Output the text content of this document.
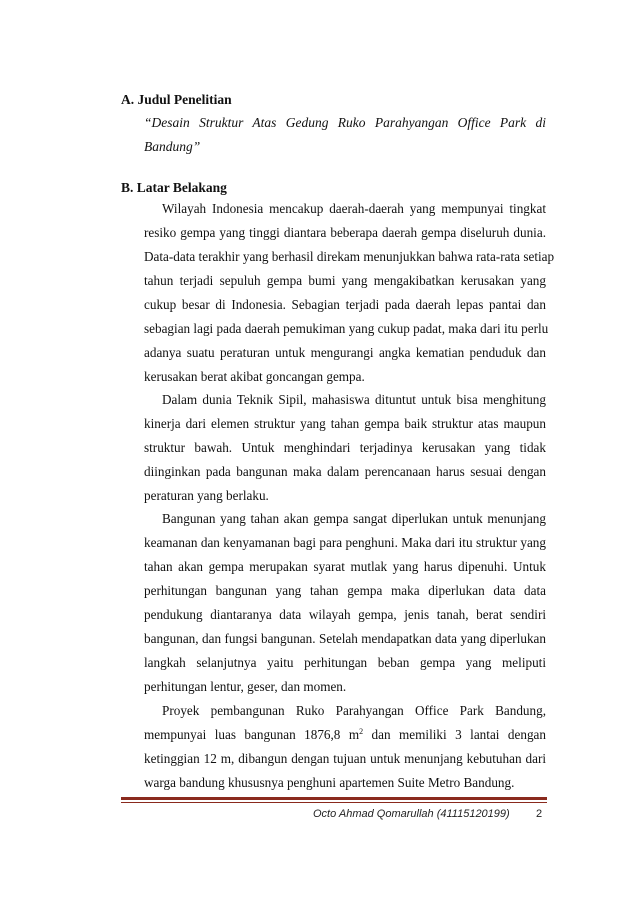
A. Judul Penelitian
“Desain Struktur Atas Gedung Ruko Parahyangan Office Park di
Bandung”
B. Latar Belakang
Wilayah Indonesia mencakup daerah-daerah yang mempunyai tingkat
resiko gempa yang tinggi diantara beberapa daerah gempa diseluruh dunia.
Data-data terakhir yang berhasil direkam menunjukkan bahwa rata-rata setiap
tahun terjadi sepuluh gempa bumi yang mengakibatkan kerusakan yang
cukup besar di Indonesia. Sebagian terjadi pada daerah lepas pantai dan
sebagian lagi pada daerah pemukiman yang cukup padat, maka dari itu perlu
adanya suatu peraturan untuk mengurangi angka kematian penduduk dan
kerusakan berat akibat goncangan gempa.
Dalam dunia Teknik Sipil, mahasiswa dituntut untuk bisa menghitung
kinerja dari elemen struktur yang tahan gempa baik struktur atas maupun
struktur bawah. Untuk menghindari terjadinya kerusakan yang tidak
diinginkan pada bangunan maka dalam perencanaan harus sesuai dengan
peraturan yang berlaku.
Bangunan yang tahan akan gempa sangat diperlukan untuk menunjang
keamanan dan kenyamanan bagi para penghuni. Maka dari itu struktur yang
tahan akan gempa merupakan syarat mutlak yang harus dipenuhi. Untuk
perhitungan bangunan yang tahan gempa maka diperlukan data data
pendukung diantaranya data wilayah gempa, jenis tanah, berat sendiri
bangunan, dan fungsi bangunan. Setelah mendapatkan data yang diperlukan
langkah selanjutnya yaitu perhitungan beban gempa yang meliputi
perhitungan lentur, geser, dan momen.
Proyek pembangunan Ruko Parahyangan Office Park Bandung,
mempunyai luas bangunan 1876,8 $m^2$ dan memiliki 3 lantai dengan
ketinggian 12 m, dibangun dengan tujuan untuk menunjang kebutuhan dari
warga bandung khususnya penghuni apartemen Suite Metro Bandung.
Octo Ahmad Qomarullah (41115120199) 2
